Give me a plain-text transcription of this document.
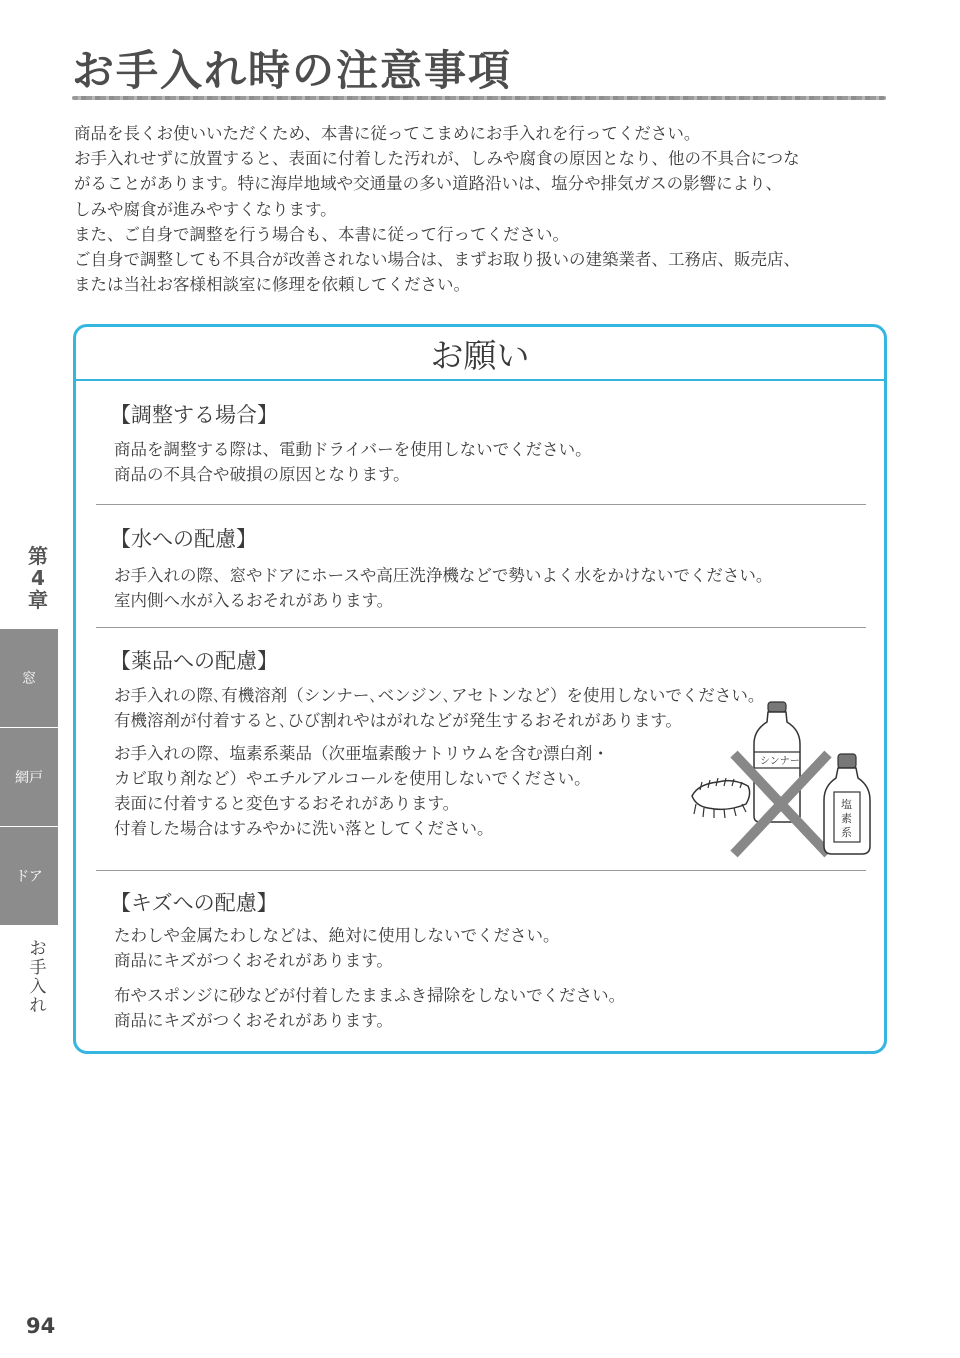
お手入れ時の注意事項

商品を長くお使いいただくため、本書に従ってこまめにお手入れを行ってください。

お手入れせずに放置すると、表面に付着した汚れが、しみや腐食の原因となり、他の不具合につな

がることがあります。特に海岸地域や交通量の多い道路沿いは、塩分や排気ガスの影響により、

しみや腐食が進みやすくなります。

また、ご自身で調整を行う場合も、本書に従って行ってください。

ご自身で調整しても不具合が改善されない場合は、まずお取り扱いの建築業者、工務店、販売店、

または当社お客様相談室に修理を依頼してください。

お願い
【調整する場合】

商品を調整する際は、電動ドライバーを使用しないでください。

商品の不具合や破損の原因となります。

【水への配慮】

お手入れの際、窓やドアにホースや高圧洗浄機などで勢いよく水をかけないでください。

室内側へ水が入るおそれがあります。

【薬品への配慮】

お手入れの際､有機溶剤（シンナー､ベンジン､アセトンなど）を使用しないでください。

有機溶剤が付着すると､ひび割れやはがれなどが発生するおそれがあります。

お手入れの際、塩素系薬品（次亜塩素酸ナトリウムを含む漂白剤・

カビ取り剤など）やエチルアルコールを使用しないでください。

表面に付着すると変色するおそれがあります。

付着した場合はすみやかに洗い落としてください。

【キズへの配慮】

たわしや金属たわしなどは、絶対に使用しないでください。

商品にキズがつくおそれがあります。

布やスポンジに砂などが付着したままふき掃除をしないでください。

商品にキズがつくおそれがあります。

シンナー
塩
素
系
第
4
章
窓
網戸
ドア
お
手
入
れ
94
